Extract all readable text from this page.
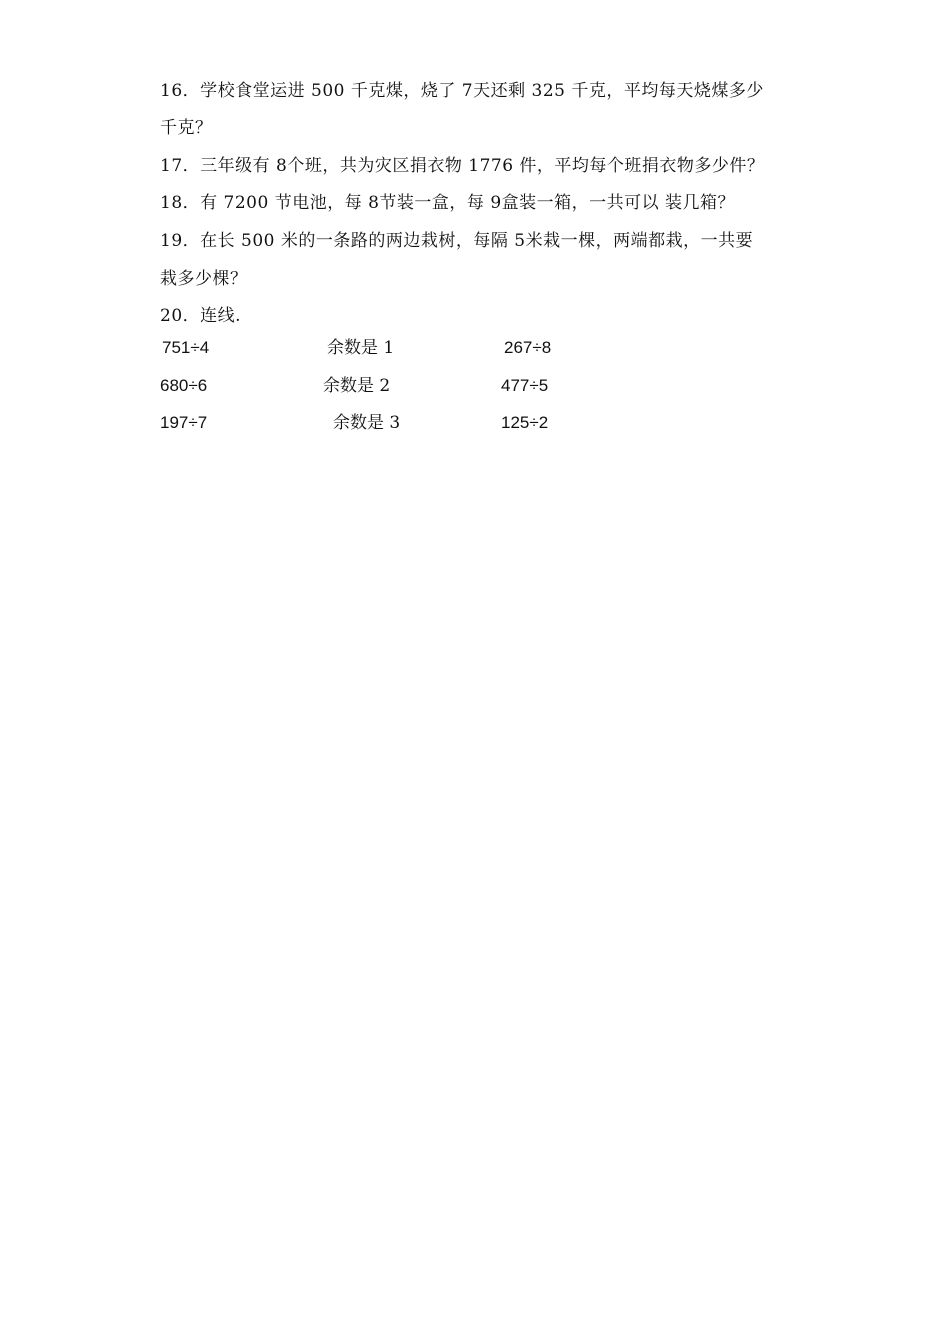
16．学校食堂运进 500 千克煤，烧了 7天还剩 325 千克，平均每天烧煤多少
千克？
17．三年级有 8个班，共为灾区捐衣物 1776 件，平均每个班捐衣物多少件？
18．有 7200 节电池，每 8节装一盒，每 9盒装一箱，一共可以 装几箱？
19．在长 500 米的一条路的两边栽树，每隔 5米栽一棵，两端都栽，一共要
栽多少棵？
20．连线.
751÷4	余数是 1	267÷8
680÷6	余数是 2	477÷5
197÷7	余数是 3	125÷2
